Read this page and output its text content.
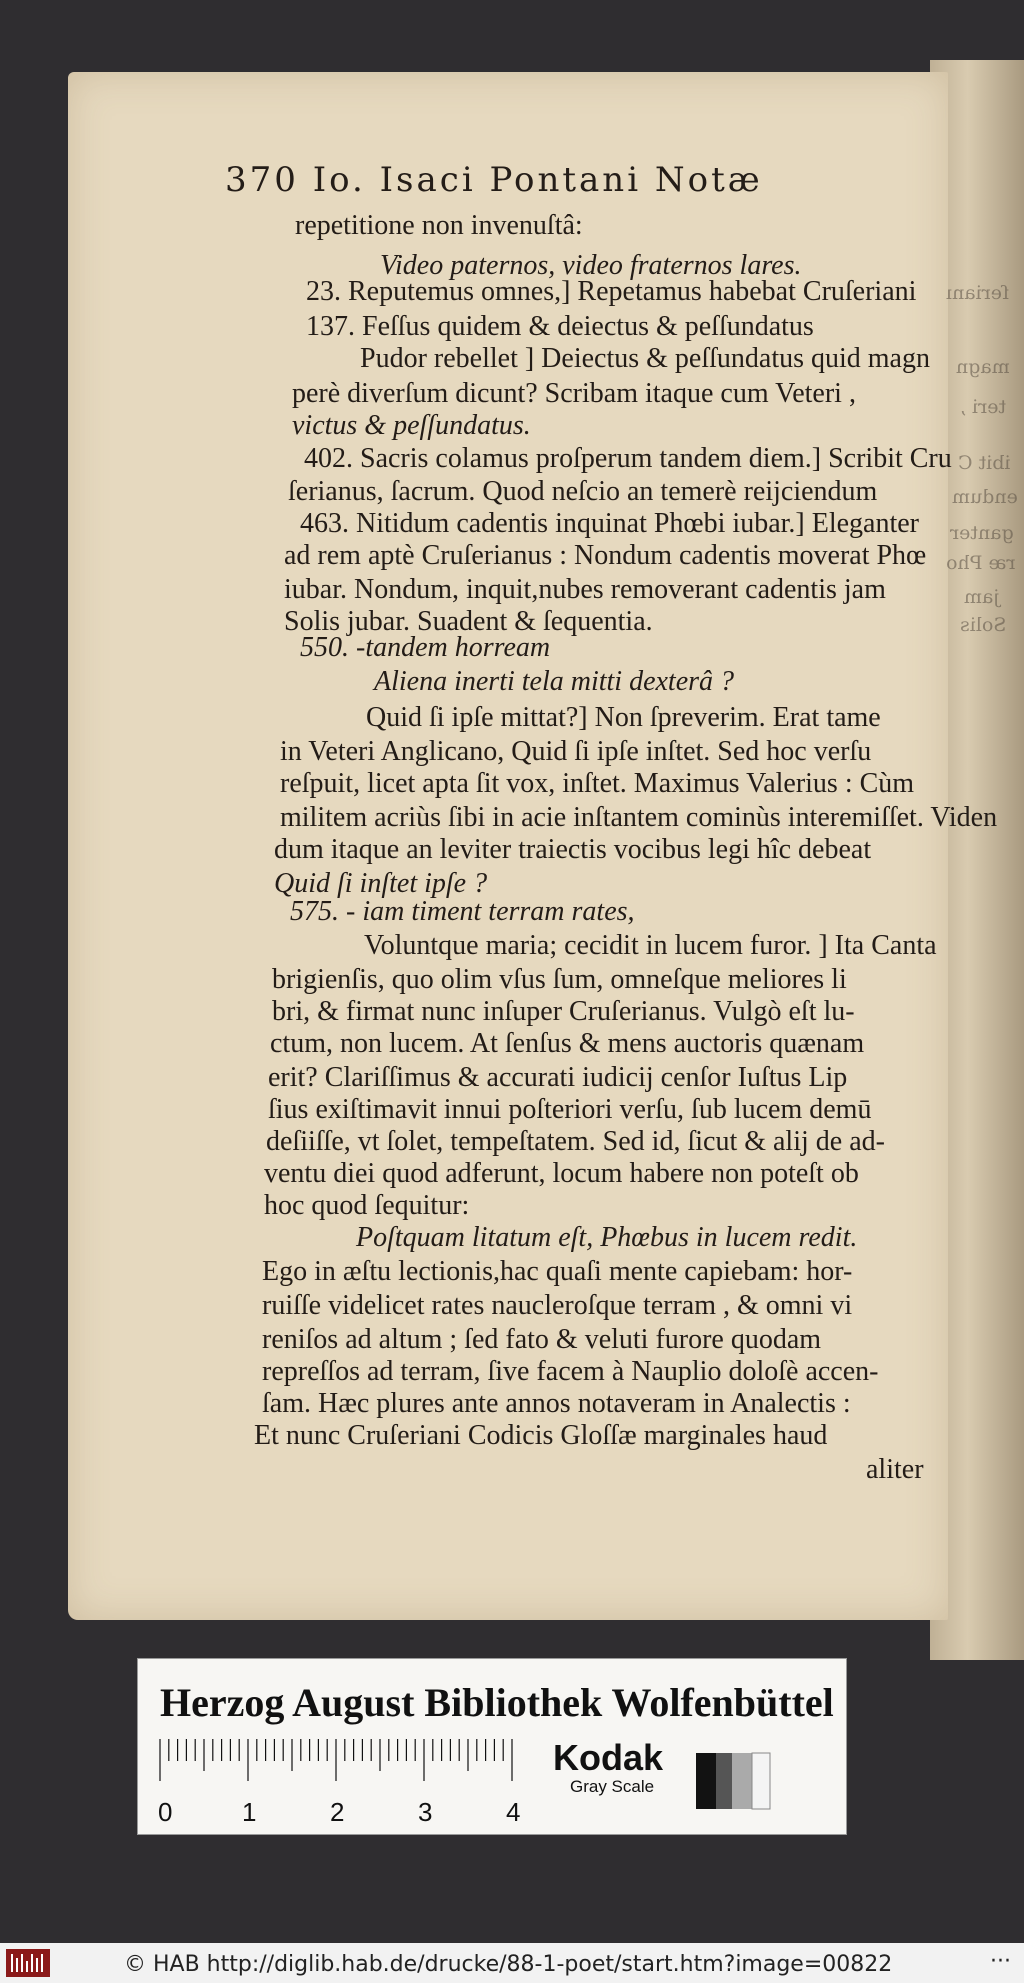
ſerianı
magn
teri ,
ibit C
endum
ganter
ræ Pho
jam
Solis
370 Io. Isaci Pontani Notæ
repetitione non invenuſtâ:
Video paternos, video fraternos lares.
23. Reputemus omnes,] Repetamus habebat Cruſeriani
137. Feſſus quidem & deiectus & peſſundatus
Pudor rebellet ] Deiectus & peſſundatus quid magn
perè diverſum dicunt? Scribam itaque cum Veteri ,
victus & peſſundatus.
402. Sacris colamus proſperum tandem diem.] Scribit Cru
ſerianus, ſacrum. Quod neſcio an temerè reijciendum
463. Nitidum cadentis inquinat Phœbi iubar.] Eleganter
ad rem aptè Cruſerianus : Nondum cadentis moverat Phœ
iubar. Nondum, inquit,nubes removerant cadentis jam
Solis jubar. Suadent & ſequentia.
550. -tandem horream
Aliena inerti tela mitti dexterâ ?
Quid ſi ipſe mittat?] Non ſpreverim. Erat tame
in Veteri Anglicano, Quid ſi ipſe inſtet. Sed hoc verſu
reſpuit, licet apta ſit vox, inſtet. Maximus Valerius : Cùm
militem acriùs ſibi in acie inſtantem cominùs interemiſſet. Viden
dum itaque an leviter traiectis vocibus legi hîc debeat
Quid ſi inſtet ipſe ?
575. - iam timent terram rates,
Voluntque maria; cecidit in lucem furor. ] Ita Canta
brigienſis, quo olim vſus ſum, omneſque meliores li
bri, & firmat nunc inſuper Cruſerianus. Vulgò eſt lu-
ctum, non lucem. At ſenſus & mens auctoris quænam
erit? Clariſſimus & accurati iudicij cenſor Iuſtus Lip
ſius exiſtimavit innui poſteriori verſu, ſub lucem demū
deſiiſſe, vt ſolet, tempeſtatem. Sed id, ſicut & alij de ad-
ventu diei quod adferunt, locum habere non poteſt ob
hoc quod ſequitur:
Poſtquam litatum eſt, Phœbus in lucem redit.
Ego in æſtu lectionis,hac quaſi mente capiebam: hor-
ruiſſe videlicet rates naucleroſque terram , & omni vi
reniſos ad altum ; ſed fato & veluti furore quodam
repreſſos ad terram, ſive facem à Nauplio doloſè accen-
ſam. Hæc plures ante annos notaveram in Analectis :
Et nunc Cruſeriani Codicis Gloſſæ marginales haud
aliter
Herzog August Bibliothek Wolfenbüttel
0	1	2	3	4
Kodak
Gray Scale
© HAB http://diglib.hab.de/drucke/88-1-poet/start.htm?image=00822	···
